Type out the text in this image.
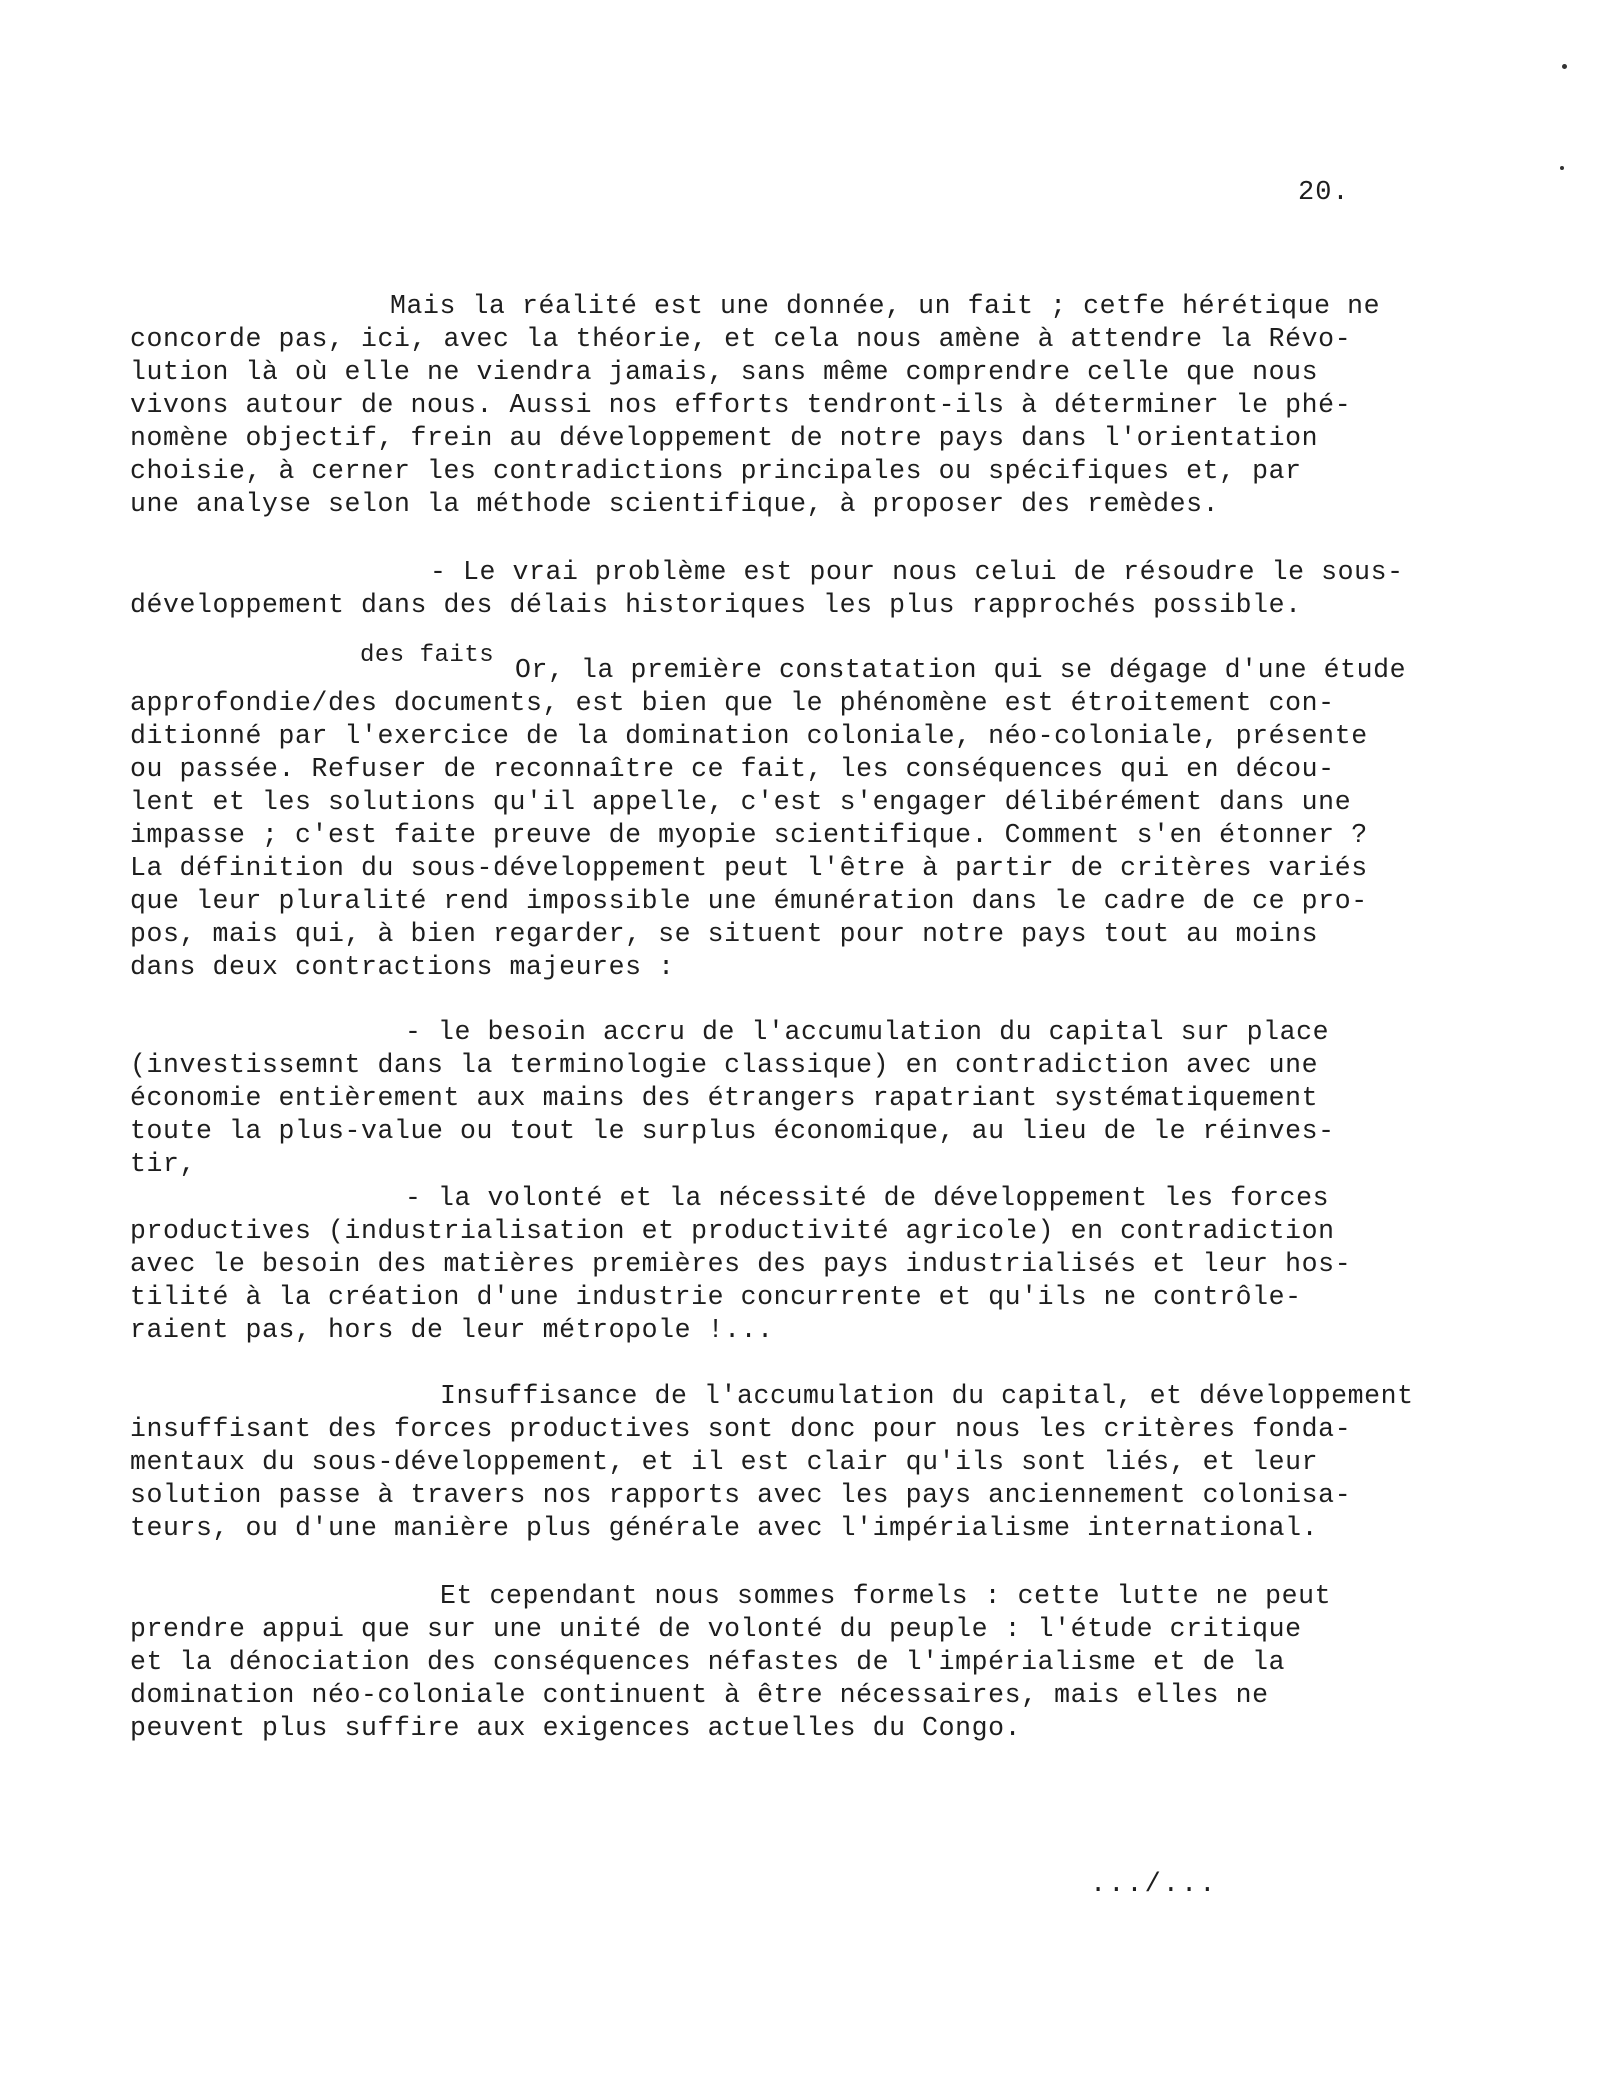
20.
Mais la réalité est une donnée, un fait ; cetfe hérétique ne
concorde pas, ici, avec la théorie, et cela nous amène à attendre la Révo-
lution là où elle ne viendra jamais, sans même comprendre celle que nous
vivons autour de nous. Aussi nos efforts tendront-ils à déterminer le phé-
nomène objectif, frein au développement de notre pays dans l'orientation
choisie, à cerner les contradictions principales ou spécifiques et, par
une analyse selon la méthode scientifique, à proposer des remèdes.
- Le vrai problème est pour nous celui de résoudre le sous-
développement dans des délais historiques les plus rapprochés possible.
des faits Or, la première constatation qui se dégage d'une étude
approfondie/des documents, est bien que le phénomène est étroitement con-
ditionné par l'exercice de la domination coloniale, néo-coloniale, présente
ou passée. Refuser de reconnaître ce fait, les conséquences qui en décou-
lent et les solutions qu'il appelle, c'est s'engager délibérément dans une
impasse ; c'est faite preuve de myopie scientifique. Comment s'en étonner ?
La définition du sous-développement peut l'être à partir de critères variés
que leur pluralité rend impossible une émunération dans le cadre de ce pro-
pos, mais qui, à bien regarder, se situent pour notre pays tout au moins
dans deux contractions majeures :
- le besoin accru de l'accumulation du capital sur place
(investissemnt dans la terminologie classique) en contradiction avec une
économie entièrement aux mains des étrangers rapatriant systématiquement
toute la plus-value ou tout le surplus économique, au lieu de le réinves-
tir,
- la volonté et la nécessité de développement les forces
productives (industrialisation et productivité agricole) en contradiction
avec le besoin des matières premières des pays industrialisés et leur hos-
tilité à la création d'une industrie concurrente et qu'ils ne contrôle-
raient pas, hors de leur métropole !...
Insuffisance de l'accumulation du capital, et développement
insuffisant des forces productives sont donc pour nous les critères fonda-
mentaux du sous-développement, et il est clair qu'ils sont liés, et leur
solution passe à travers nos rapports avec les pays anciennement colonisa-
teurs, ou d'une manière plus générale avec l'impérialisme international.
Et cependant nous sommes formels : cette lutte ne peut
prendre appui que sur une unité de volonté du peuple : l'étude critique
et la dénociation des conséquences néfastes de l'impérialisme et de la
domination néo-coloniale continuent à être nécessaires, mais elles ne
peuvent plus suffire aux exigences actuelles du Congo.
.../...
